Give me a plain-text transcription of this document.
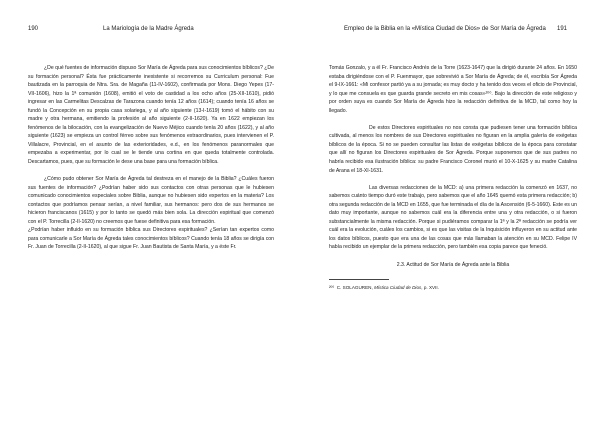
190	La Mariología de la Madre Ágreda

¿De qué fuentes de información dispuso Sor María de Ágreda para sus conocimientos bíblicos? ¿De su formación personal? Ésta fue prácticamente inexistente si recorremos su Curriculum personal: Fue bautizada en la parroquia de Ntra. Sra. de Magaña (11-IV-1602), confirmada por Mons. Diego Yepes (17-VII-1606), hizo la 1ª comunión (1608), emitió el voto de castidad a los ocho años (25-XII-1610), pidió ingresar en las Carmelitas Descalzas de Tarazona cuando tenía 12 años (1614); cuando tenía 16 años se fundó la Concepción en su propia casa solariega, y al año siguiente (13-I-1619) tomó el hábito con su madre y otra hermana, emitiendo la profesión al año siguiente (2-II-1620). Ya en 1622 empiezan los fenómenos de la bilocación, con la evangelización de Nuevo Méjico cuando tenía 20 años (1622), y al año siguiente (1623) se empieza un control férreo sobre sus fenómenos extraordinarios, pues intervienen el P. Villalacre, Provincial, en el asunto de las exterioridades, e.d., en los fenómenos paranormales que empezaba a experimentar, por lo cual se le tiende una cortina en que queda totalmente controlada. Descartamos, pues, que su formación le dese una base para una formación bíblica.

¿Cómo pudo obtener Sor María de Ágreda tal destreza en el manejo de la Biblia? ¿Cuáles fueron sus fuentes de información? ¿Podrían haber sido sus contactos con otras personas que le hubiesen comunicado conocimientos especiales sobre Biblia, aunque no hubiesen sido expertos en la materia? Los contactos que podríamos pensar serían, a nivel familiar, sus hermanos: pero dos de sus hermanos se hicieron franciscanos (1615) y por lo tanto se quedó más bien sola. La dirección espiritual que comenzó con el P. Torrecilla (2-II-1620) no creemos que fuese definitiva para esa formación.

¿Podrían haber influido en su formación bíblica sus Directores espirituales? ¿Serían tan expertos como para comunicarle a Sor María de Ágreda tales conocimientos bíblicos? Cuando tenía 18 años se dirigía con Fr. Juan de Torrecilla (2-II-1620), al que sigue Fr. Juan Bautista de Santa María, y a éste Fr.

Empleo de la Biblia en la «Mística Ciudad de Dios» de Sor María de Ágreda 191

Tomás Gonzalo, y a él Fr. Francisco Andrés de la Torre (1623-1647) que la dirigió durante 24 años. En 1650 estaba dirigiéndose con el P. Fuenmayor, que sobrevivió a Sor María de Ágreda; de él, escribía Sor Ágreda el 9-IX-1661: «Mi confesor partió ya a su jornada; es muy docto y ha tenido dos veces el oficio de Provincial, y lo que me consuela es que guarda grande secreto en mis cosas»²⁰⁰. Bajo la dirección de este religioso y por orden suya es cuando Sor María de Ágreda hizo la redacción definitiva de la MCD, tal como hoy la llegado.

De estos Directores espirituales no nos consta que pudiesen tener una formación bíblica cultivada, al menos los nombres de sus Directores espirituales no figuran en la amplia galería de exégetas bíblicos de la época. Si no se pueden consultar las listas de exégetas bíblicos de la época para constatar que allí no figuran los Directores espirituales de Sor Ágreda. Porque suponemos que de sus padres no habría recibido esa ilustración bíblica: su padre Francisco Coronel murió el 10-X-1625 y su madre Catalina de Arana el 18-XI-1631.

Las diversas redacciones de la MCD: a) una primera redacción la comenzó en 1637, no sabemos cuánto tiempo duró este trabajo, pero sabemos que el año 1645 quemó esta primera redacción; b) otra segunda redacción de la MCD en 1655, que fue terminada el día de la Ascensión (6-5-1660). Este es un dato muy importante, aunque no sabemos cuál era la diferencia entre una y otra redacción, o si fueron substancialmente la misma redacción. Porque si pudiéramos comparar la 1ª y la 2ª redacción se podría ver cuál era la evolución, cuáles los cambios, si es que las visitas de la Inquisición influyeron en su actitud ante los datos bíblicos, puesto que era una de las cosas que más llamaban la atención en su MCD. Felipe IV había recibido un ejemplar de la primera redacción, pero también esa copia parece que feneció.

2.3. Actitud de Sor María de Ágreda ante la Biblia

²⁰⁰ C. SOLAGUREN, Mística Ciudad de Dios, p. XVII.
